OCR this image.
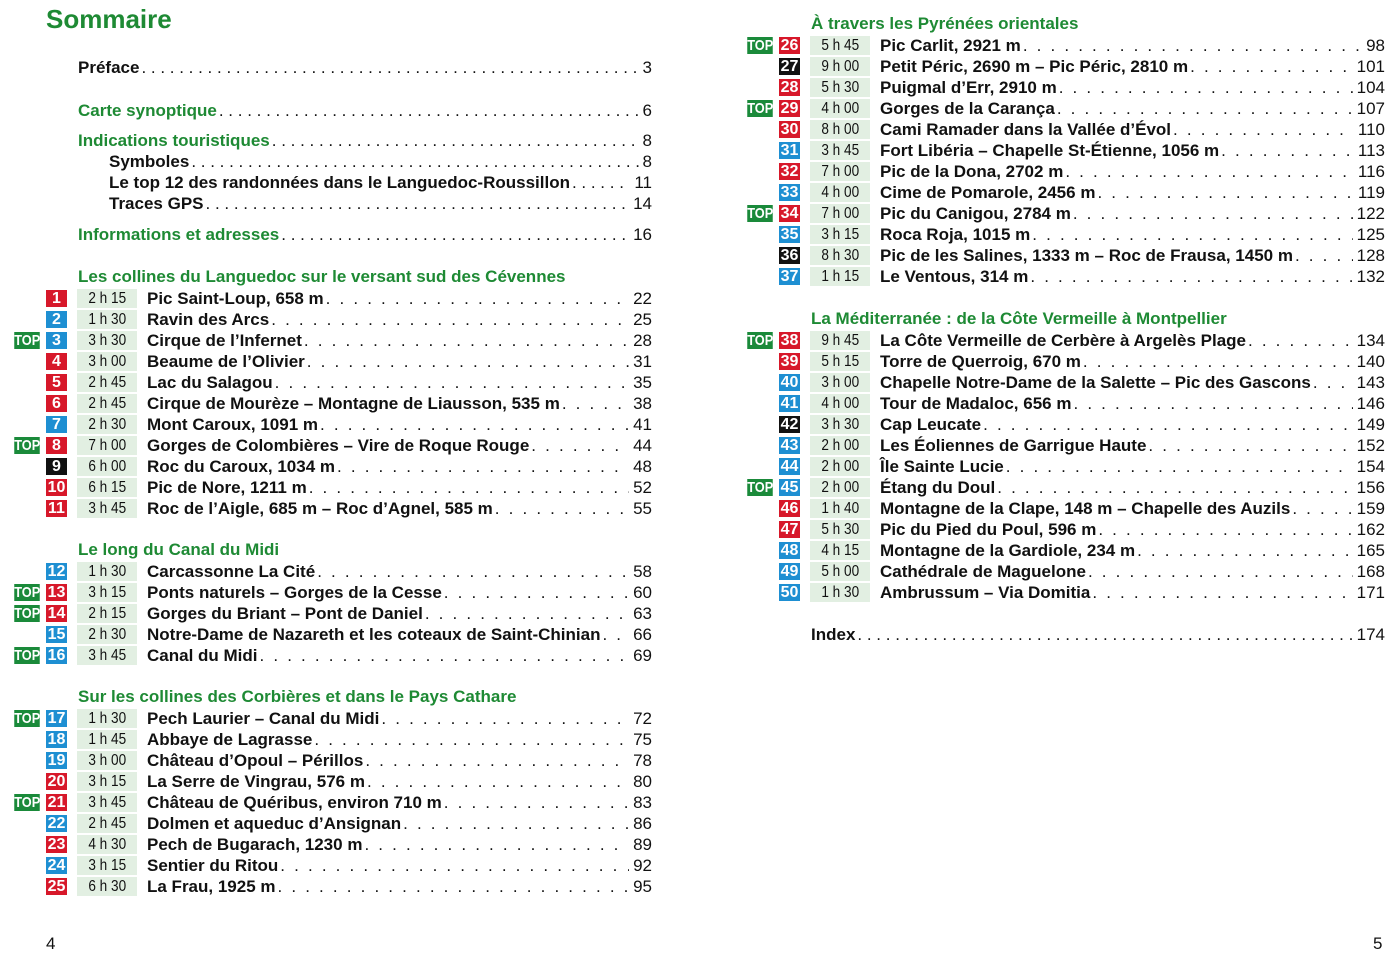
Sommaire
Préface . . .	3
Carte synoptique . . .	6
Indications touristiques . . .	8
Symboles . . .	8
Le top 12 des randonnées dans le Languedoc-Roussillon . . .	11
Traces GPS . . .	14
Informations et adresses . . .	16
Les collines du Languedoc sur le versant sud des Cévennes
1	2 h 15	Pic Saint-Loup, 658 m . . .	22
2	1 h 30	Ravin des Arcs . . .	25
TOP 3	3 h 30	Cirque de l’Infernet . . .	28
4	3 h 00	Beaume de l’Olivier . . .	31
5	2 h 45	Lac du Salagou . . .	35
6	2 h 45	Cirque de Mourèze – Montagne de Liausson, 535 m . . .	38
7	2 h 30	Mont Caroux, 1091 m . . .	41
TOP 8	7 h 00	Gorges de Colombières – Vire de Roque Rouge . . .	44
9	6 h 00	Roc du Caroux, 1034 m . . .	48
10	6 h 15	Pic de Nore, 1211 m . . .	52
11	3 h 45	Roc de l’Aigle, 685 m – Roc d’Agnel, 585 m . . .	55
Le long du Canal du Midi
12	1 h 30	Carcassonne La Cité . . .	58
TOP 13	3 h 15	Ponts naturels – Gorges de la Cesse . . .	60
TOP 14	2 h 15	Gorges du Briant – Pont de Daniel . . .	63
15	2 h 30	Notre-Dame de Nazareth et les coteaux de Saint-Chinian . . . 66
TOP 16	3 h 45	Canal du Midi . . .	69
Sur les collines des Corbières et dans le Pays Cathare
TOP 17	1 h 30	Pech Laurier – Canal du Midi . . .	72
18	1 h 45	Abbaye de Lagrasse . . .	75
19	3 h 00	Château d’Opoul – Périllos . . .	78
20	3 h 15	La Serre de Vingrau, 576 m . . .	80
TOP 21	3 h 45	Château de Quéribus, environ 710 m . . .	83
22	2 h 45	Dolmen et aqueduc d’Ansignan . . .	86
23	4 h 30	Pech de Bugarach, 1230 m . . .	89
24	3 h 15	Sentier du Ritou . . .	92
25	6 h 30	La Frau, 1925 m . . .	95
À travers les Pyrénées orientales
TOP 26	5 h 45	Pic Carlit, 2921 m . . .	98
27	9 h 00	Petit Péric, 2690 m – Pic Péric, 2810 m . . .	101
28	5 h 30	Puigmal d’Err, 2910 m . . .	104
TOP 29	4 h 00	Gorges de la Carança . . .	107
30	8 h 00	Cami Ramader dans la Vallée d’Évol . . .	110
31	3 h 45	Fort Libéria – Chapelle St-Étienne, 1056 m . . .	113
32	7 h 00	Pic de la Dona, 2702 m . . .	116
33	4 h 00	Cime de Pomarole, 2456 m . . .	119
TOP 34	7 h 00	Pic du Canigou, 2784 m . . .	122
35	3 h 15	Roca Roja, 1015 m . . .	125
36	8 h 30	Pic de les Salines, 1333 m – Roc de Frausa, 1450 m . . .	128
37	1 h 15	Le Ventous, 314 m . . .	132
La Méditerranée : de la Côte Vermeille à Montpellier
TOP 38	9 h 45	La Côte Vermeille de Cerbère à Argelès Plage . . .	134
39	5 h 15	Torre de Querroig, 670 m . . .	140
40	3 h 00	Chapelle Notre-Dame de la Salette – Pic des Gascons . . .	143
41	4 h 00	Tour de Madaloc, 656 m . . .	146
42	3 h 30	Cap Leucate . . .	149
43	2 h 00	Les Éoliennes de Garrigue Haute . . .	152
44	2 h 00	Île Sainte Lucie . . .	154
TOP 45	2 h 00	Étang du Doul . . .	156
46	1 h 40	Montagne de la Clape, 148 m – Chapelle des Auzils . . .	159
47	5 h 30	Pic du Pied du Poul, 596 m . . .	162
48	4 h 15	Montagne de la Gardiole, 234 m . . .	165
49	5 h 00	Cathédrale de Maguelone . . .	168
50	1 h 30	Ambrussum – Via Domitia . . .	171
Index . . .	174
4	5
